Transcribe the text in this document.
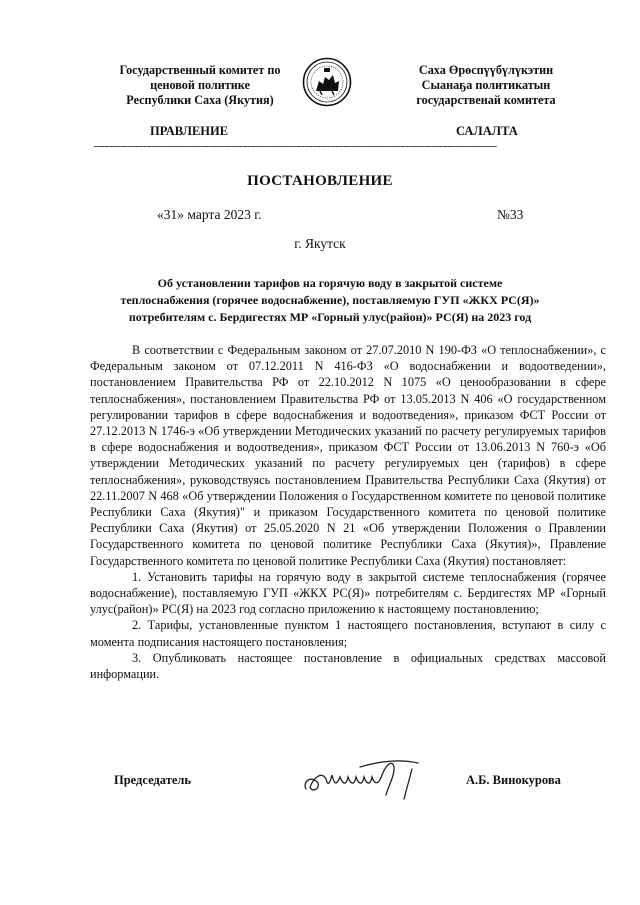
Государственный комитет по
ценовой политике
Республики Саха (Якутия)
Саха Өрөспүүбүлүкэтин
Сыанаҕа политикатын
государственай комитета
ПРАВЛЕНИЕ	САЛАЛТА
-----------------------------------------------------------------------------------------------------------------------------------------------------------
ПОСТАНОВЛЕНИЕ
«31» марта 2023 г.	№33
г. Якутск
Об установлении тарифов на горячую воду в закрытой системе
теплоснабжения (горячее водоснабжение), поставляемую ГУП «ЖКХ РС(Я)»
потребителям с. Бердигестях МР «Горный улус(район)» РС(Я) на 2023 год

В соответствии с Федеральным законом от 27.07.2010 N 190-ФЗ «О теплоснабжении», с Федеральным законом от 07.12.2011 N 416-ФЗ «О водоснабжении и водоотведении», постановлением Правительства РФ от 22.10.2012 N 1075 «О ценообразовании в сфере теплоснабжения», постановлением Правительства РФ от 13.05.2013 N 406 «О государственном регулировании тарифов в сфере водоснабжения и водоотведения», приказом ФСТ России от 27.12.2013 N 1746-э «Об утверждении Методических указаний по расчету регулируемых тарифов в сфере водоснабжения и водоотведения», приказом ФСТ России от 13.06.2013 N 760-э «Об утверждении Методических указаний по расчету регулируемых цен (тарифов) в сфере теплоснабжения», руководствуясь постановлением Правительства Республики Саха (Якутия) от 22.11.2007 N 468 «Об утверждении Положения о Государственном комитете по ценовой политике Республики Саха (Якутия)" и приказом Государственного комитета по ценовой политике Республики Саха (Якутия) от 25.05.2020 N 21 «Об утверждении Положения о Правлении Государственного комитета по ценовой политике Республики Саха (Якутия)», Правление Государственного комитета по ценовой политике Республики Саха (Якутия) постановляет:

1. Установить тарифы на горячую воду в закрытой системе теплоснабжения (горячее водоснабжение), поставляемую ГУП «ЖКХ РС(Я)» потребителям с. Бердигестях МР «Горный улус(район)» РС(Я) на 2023 год согласно приложению к настоящему постановлению;

2. Тарифы, установленные пунктом 1 настоящего постановления, вступают в силу с момента подписания настоящего постановления;

3. Опубликовать настоящее постановление в официальных средствах массовой информации.

Председатель	А.Б. Винокурова
